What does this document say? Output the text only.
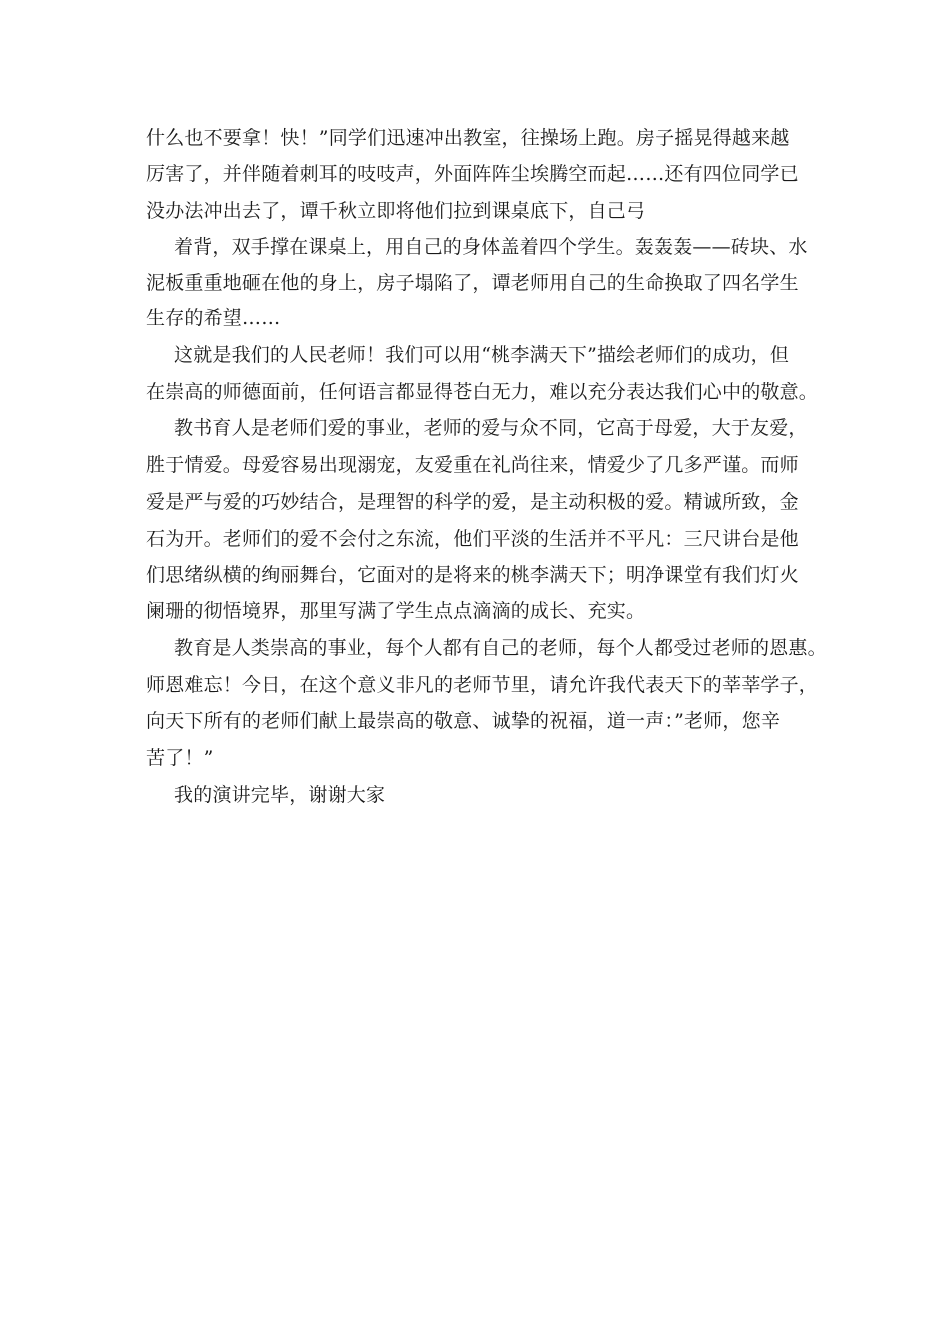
什么也不要拿！快！”同学们迅速冲出教室，往操场上跑。房子摇晃得越来越
厉害了，并伴随着刺耳的吱吱声，外面阵阵尘埃腾空而起……还有四位同学已
没办法冲出去了，谭千秋立即将他们拉到课桌底下，自己弓
着背，双手撑在课桌上，用自己的身体盖着四个学生。轰轰轰——砖块、水
泥板重重地砸在他的身上，房子塌陷了，谭老师用自己的生命换取了四名学生
生存的希望……
这就是我们的人民老师！我们可以用“桃李满天下”描绘老师们的成功，但
在崇高的师德面前，任何语言都显得苍白无力，难以充分表达我们心中的敬意。
教书育人是老师们爱的事业，老师的爱与众不同，它高于母爱，大于友爱，
胜于情爱。母爱容易出现溺宠，友爱重在礼尚往来，情爱少了几多严谨。而师
爱是严与爱的巧妙结合，是理智的科学的爱，是主动积极的爱。精诚所致，金
石为开。老师们的爱不会付之东流，他们平淡的生活并不平凡：三尺讲台是他
们思绪纵横的绚丽舞台，它面对的是将来的桃李满天下；明净课堂有我们灯火
阑珊的彻悟境界，那里写满了学生点点滴滴的成长、充实。
教育是人类崇高的事业，每个人都有自己的老师，每个人都受过老师的恩惠。
师恩难忘！今日，在这个意义非凡的老师节里，请允许我代表天下的莘莘学子，
向天下所有的老师们献上最崇高的敬意、诚挚的祝福，道一声：”老师，您辛
苦了！”
我的演讲完毕，谢谢大家
